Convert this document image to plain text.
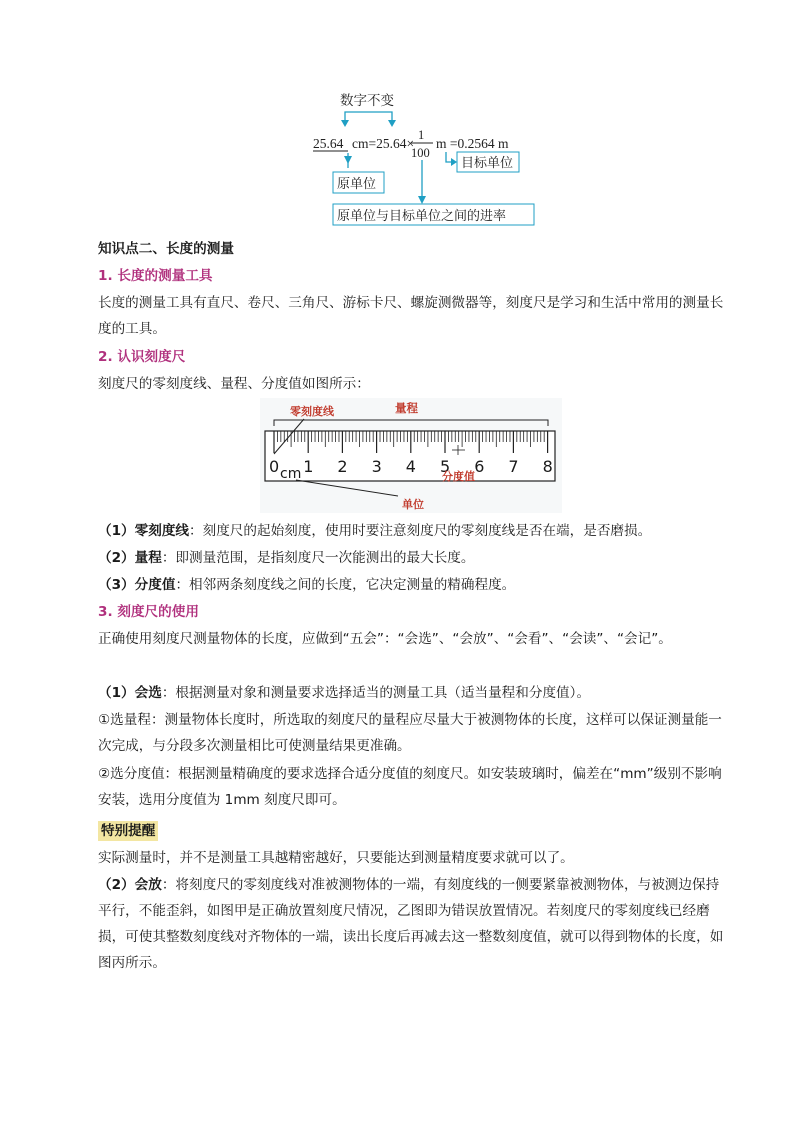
数字不变
25.64 cm=25.64×
1
100
m =0.2564 m
目标单位
原单位
原单位与目标单位之间的进率

知识点二、长度的测量

1. 长度的测量工具

长度的测量工具有直尺、卷尺、三角尺、游标卡尺、螺旋测微器等，刻度尺是学习和生活中常用的测量长度的工具。

2. 认识刻度尺

刻度尺的零刻度线、量程、分度值如图所示：

0 1 2 3 4 5 6 7 8
零刻度线	量程
cm
单位
分度值

（1）零刻度线：刻度尺的起始刻度，使用时要注意刻度尺的零刻度线是否在端，是否磨损。

（2）量程：即测量范围，是指刻度尺一次能测出的最大长度。

（3）分度值：相邻两条刻度线之间的长度，它决定测量的精确程度。

3. 刻度尺的使用

正确使用刻度尺测量物体的长度，应做到“五会”：“会选”、“会放”、“会看”、“会读”、“会记”。

（1）会选：根据测量对象和测量要求选择适当的测量工具（适当量程和分度值）。

①选量程：测量物体长度时，所选取的刻度尺的量程应尽量大于被测物体的长度，这样可以保证测量能一次完成，与分段多次测量相比可使测量结果更准确。

②选分度值：根据测量精确度的要求选择合适分度值的刻度尺。如安装玻璃时，偏差在“mm”级别不影响安装，选用分度值为 1mm 刻度尺即可。

特别提醒

实际测量时，并不是测量工具越精密越好，只要能达到测量精度要求就可以了。

（2）会放：将刻度尺的零刻度线对准被测物体的一端，有刻度线的一侧要紧靠被测物体，与被测边保持平行，不能歪斜，如图甲是正确放置刻度尺情况，乙图即为错误放置情况。若刻度尺的零刻度线已经磨损，可使其整数刻度线对齐物体的一端，读出长度后再减去这一整数刻度值，就可以得到物体的长度，如图丙所示。
